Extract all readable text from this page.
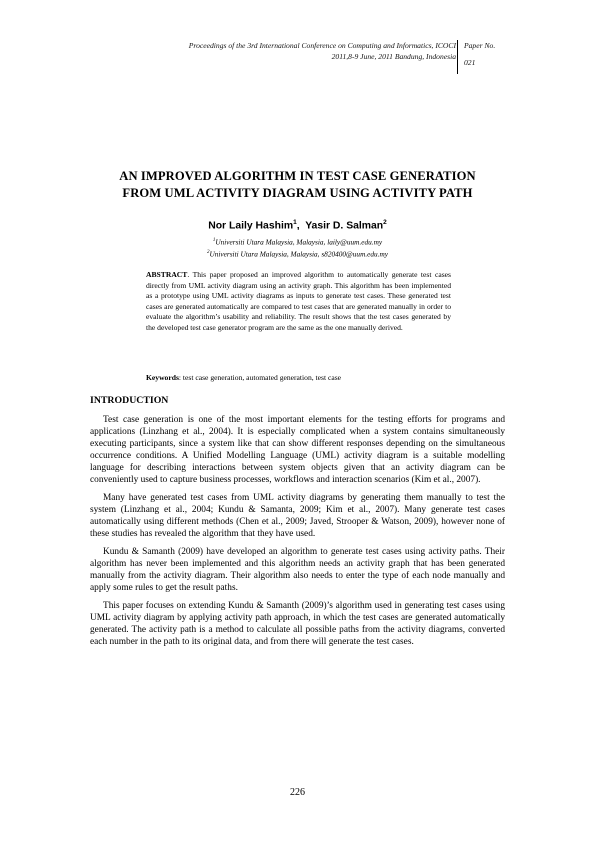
Proceedings of the 3rd International Conference on Computing and Informatics, ICOCI
2011,8-9 June, 2011 Bandung, Indonesia
Paper No.
021
AN IMPROVED ALGORITHM IN TEST CASE GENERATION
FROM UML ACTIVITY DIAGRAM USING ACTIVITY PATH
Nor Laily Hashim$^1$,  Yasir D. Salman$^2$
$^1$Universiti Utara Malaysia, Malaysia, laily@uum.edu.my
$^2$Universiti Utara Malaysia, Malaysia, s820400@uum.edu.my
ABSTRACT. This paper proposed an improved algorithm to automatically generate test cases directly from UML activity diagram using an activity graph. This algorithm has been implemented as a prototype using UML activity diagrams as inputs to generate test cases. These generated test cases are generated automatically are compared to test cases that are generated manually in order to evaluate the algorithm’s usability and reliability. The result shows that the test cases generated by the developed test case generator program are the same as the one manually derived.
Keywords: test case generation, automated generation, test case
INTRODUCTION

Test case generation is one of the most important elements for the testing efforts for programs and applications (Linzhang et al., 2004). It is especially complicated when a system contains simultaneously executing participants, since a system like that can show different responses depending on the simultaneous occurrence conditions. A Unified Modelling Language (UML) activity diagram is a suitable modelling language for describing interactions between system objects given that an activity diagram can be conveniently used to capture business processes, workflows and interaction scenarios (Kim et al., 2007).

Many have generated test cases from UML activity diagrams by generating them manually to test the system (Linzhang et al., 2004; Kundu & Samanta, 2009; Kim et al., 2007). Many generate test cases automatically using different methods (Chen et al., 2009; Javed, Strooper & Watson, 2009), however none of these studies has revealed the algorithm that they have used.

Kundu & Samanth (2009) have developed an algorithm to generate test cases using activity paths. Their algorithm has never been implemented and this algorithm needs an activity graph that has been generated manually from the activity diagram. Their algorithm also needs to enter the type of each node manually and apply some rules to get the result paths.

This paper focuses on extending Kundu & Samanth (2009)’s algorithm used in generating test cases using UML activity diagram by applying activity path approach, in which the test cases are generated automatically generated. The activity path is a method to calculate all possible paths from the activity diagrams, converted each number in the path to its original data, and from there will generate the test cases.

226
